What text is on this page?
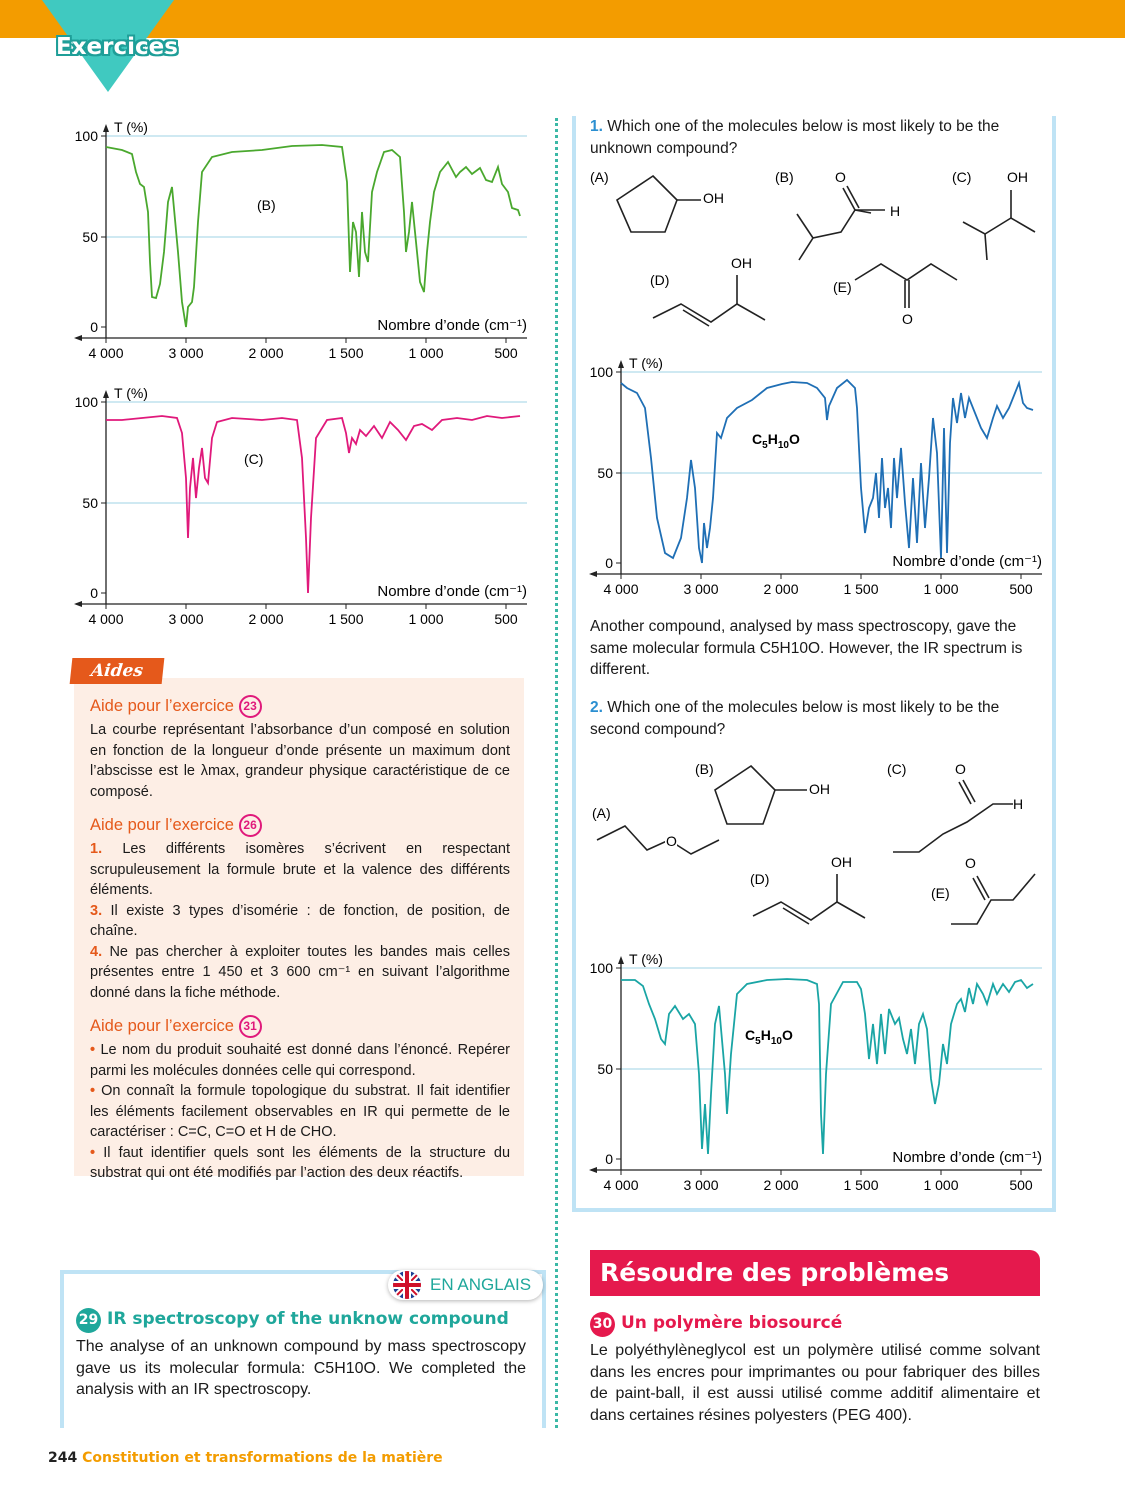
Exercices
100
50
0
4 000	3 000	2 000	1 500	1 000	500
T (%)
Nombre d’onde (cm⁻¹)
(B)
100
50
0
4 000	3 000	2 000	1 500	1 000	500
T (%)
Nombre d’onde (cm⁻¹)
(C)
1. Which one of the molecules below is most likely to be the unknown compound?
(A)
OH
(B)	O
H
(C)	OH
(D)
OH
(E)
O
100
50
0
4 000	3 000	2 000	1 500	1 000	500
T (%)
Nombre d’onde (cm⁻¹)
$C_5H_{10}O$
Another compound, analysed by mass spectroscopy, gave the same molecular formula C5H10O. However, the IR spectrum is different.
2. Which one of the molecules below is most likely to be the second compound?
(A)
O
(B)
OH
(C)	O
H
(D)
OH
(E)
O
100
50
0
4 000	3 000	2 000	1 500	1 000	500
T (%)
Nombre d’onde (cm⁻¹)
$C_5H_{10}O$
Aides
Aide pour l’exercice 23
La courbe représentant l’absorbance d’un composé en solution en fonction de la longueur d’onde présente un maximum dont l’abscisse est le λmax, grandeur physique caractéristique de ce composé.
Aide pour l’exercice 26
1. Les différents isomères s’écrivent en respectant scrupuleusement la formule brute et la valence des différents éléments.
3. Il existe 3 types d’isomérie : de fonction, de position, de chaîne.
4. Ne pas chercher à exploiter toutes les bandes mais celles présentes entre 1 450 et 3 600 cm⁻¹ en suivant l’algorithme donné dans la fiche méthode.
Aide pour l’exercice 31
• Le nom du produit souhaité est donné dans l’énoncé. Repérer parmi les molécules données celle qui correspond.
• On connaît la formule topologique du substrat. Il fait identifier les éléments facilement observables en IR qui permette de le caractériser : C=C, C=O et H de CHO.
• Il faut identifier quels sont les éléments de la structure du substrat qui ont été modifiés par l’action des deux réactifs.
EN ANGLAIS
29 IR spectroscopy of the unknow compound
The analyse of an unknown compound by mass spectroscopy gave us its molecular formula: C5H10O. We completed the analysis with an IR spectroscopy.
Résoudre des problèmes
30 Un polymère biosourcé
Le polyéthylèneglycol est un polymère utilisé comme solvant dans les encres pour imprimantes ou pour fabriquer des billes de paint-ball, il est aussi utilisé comme additif alimentaire et dans certaines résines polyesters (PEG 400).
244 Constitution et transformations de la matière
